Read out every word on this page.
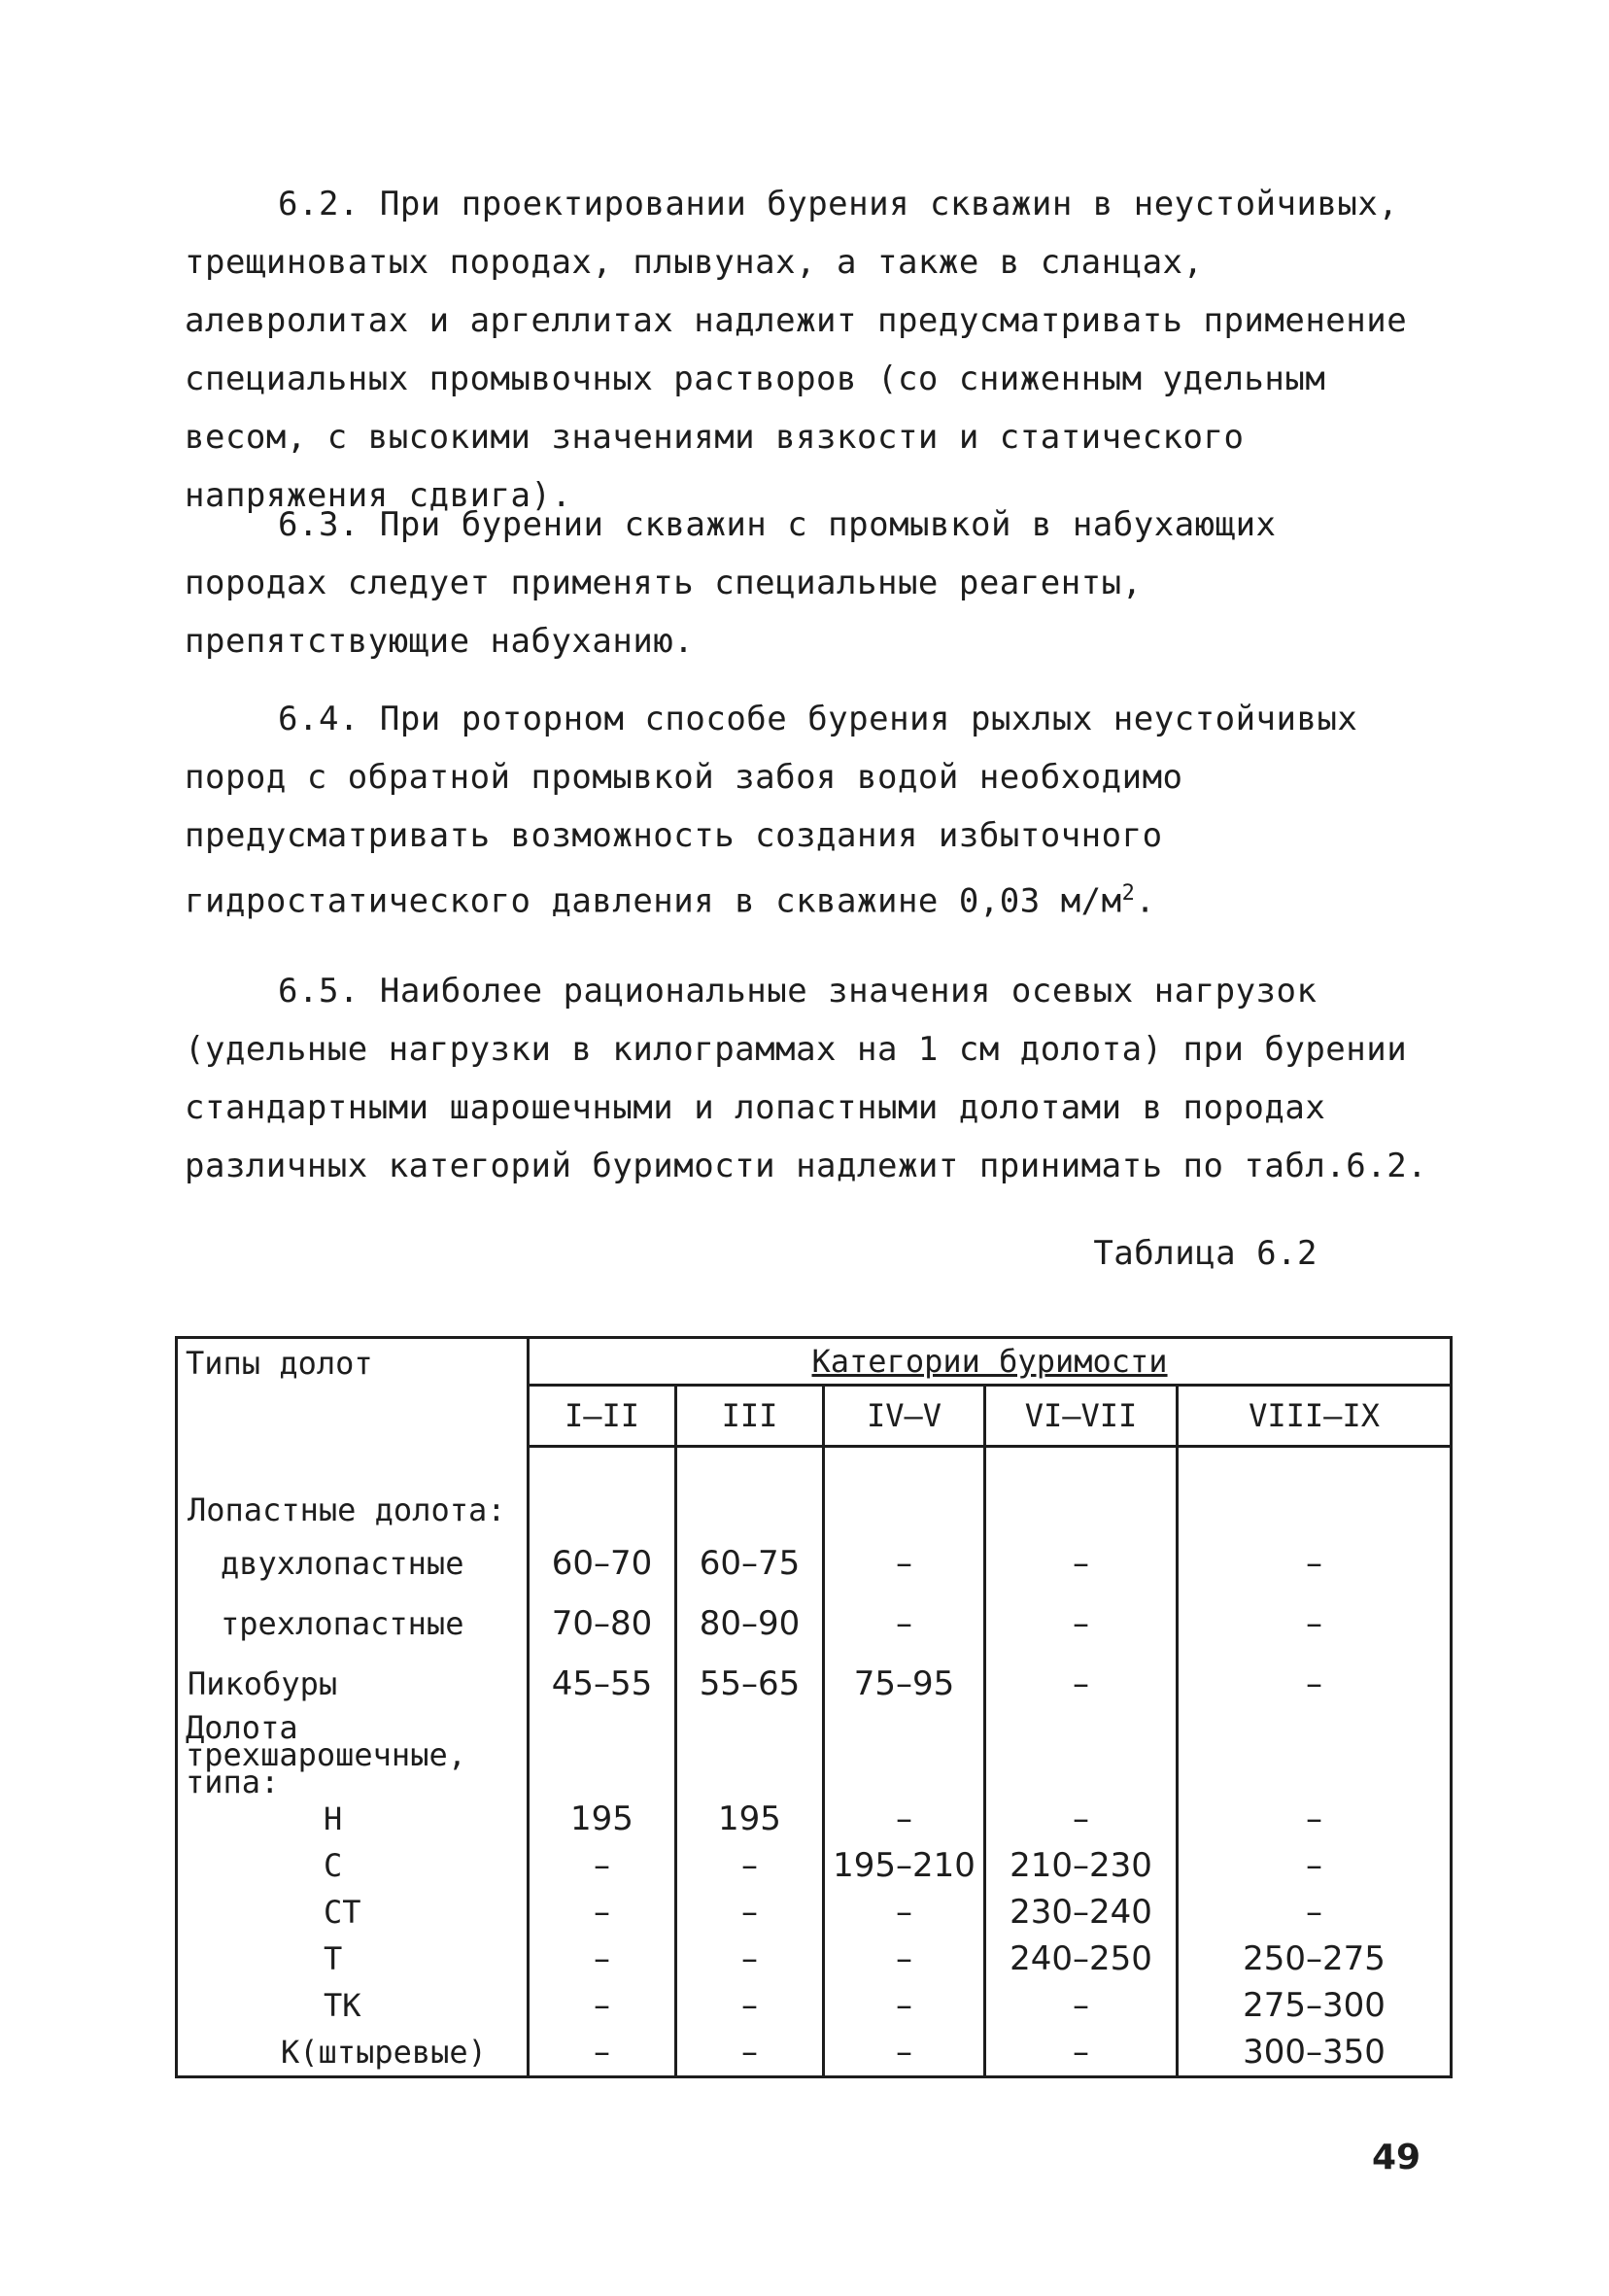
6.2. При проектировании бурения скважин в неустойчивых, трещиноватых породах, плывунах, а также в сланцах, алевролитах и аргеллитах надлежит предусматривать применение специальных промывочных растворов (со сниженным удельным весом, с высокими значениями вязкости и статического напряжения сдвига).

6.3. При бурении скважин с промывкой в набухающих породах следует применять специальные реагенты, препятствующие набуханию.

6.4. При роторном способе бурения рыхлых неустойчивых пород с обратной промывкой забоя водой необходимо предусматривать возможность создания избыточного гидростатического давления в скважине 0,03 $м/м^2$.

6.5. Наиболее рациональные значения осевых нагрузок (удельные нагрузки в килограммах на 1 см долота) при бурении стандартными шарошечными и лопастными долотами в породах различных категорий буримости надлежит принимать по табл.6.2.

Таблица 6.2
Типы долот	Категории буримости				
	I–II	III	IV–V	VI–VII	VIII–IX

Лопастные долота:					
двухлопастные	60–70	60–75	–	–	–
трехлопастные	70–80	80–90	–	–	–
Пикобуры	45–55	55–65	75–95	–	–
Долота трехшарошечные, типа:					
Н	195	195	–	–	–
С	–	–	195–210	210–230	–
СТ	–	–	–	230–240	–
Т	–	–	–	240–250	250–275
ТК	–	–	–	–	275–300
К(штыревые)	–	–	–	–	300–350
49
